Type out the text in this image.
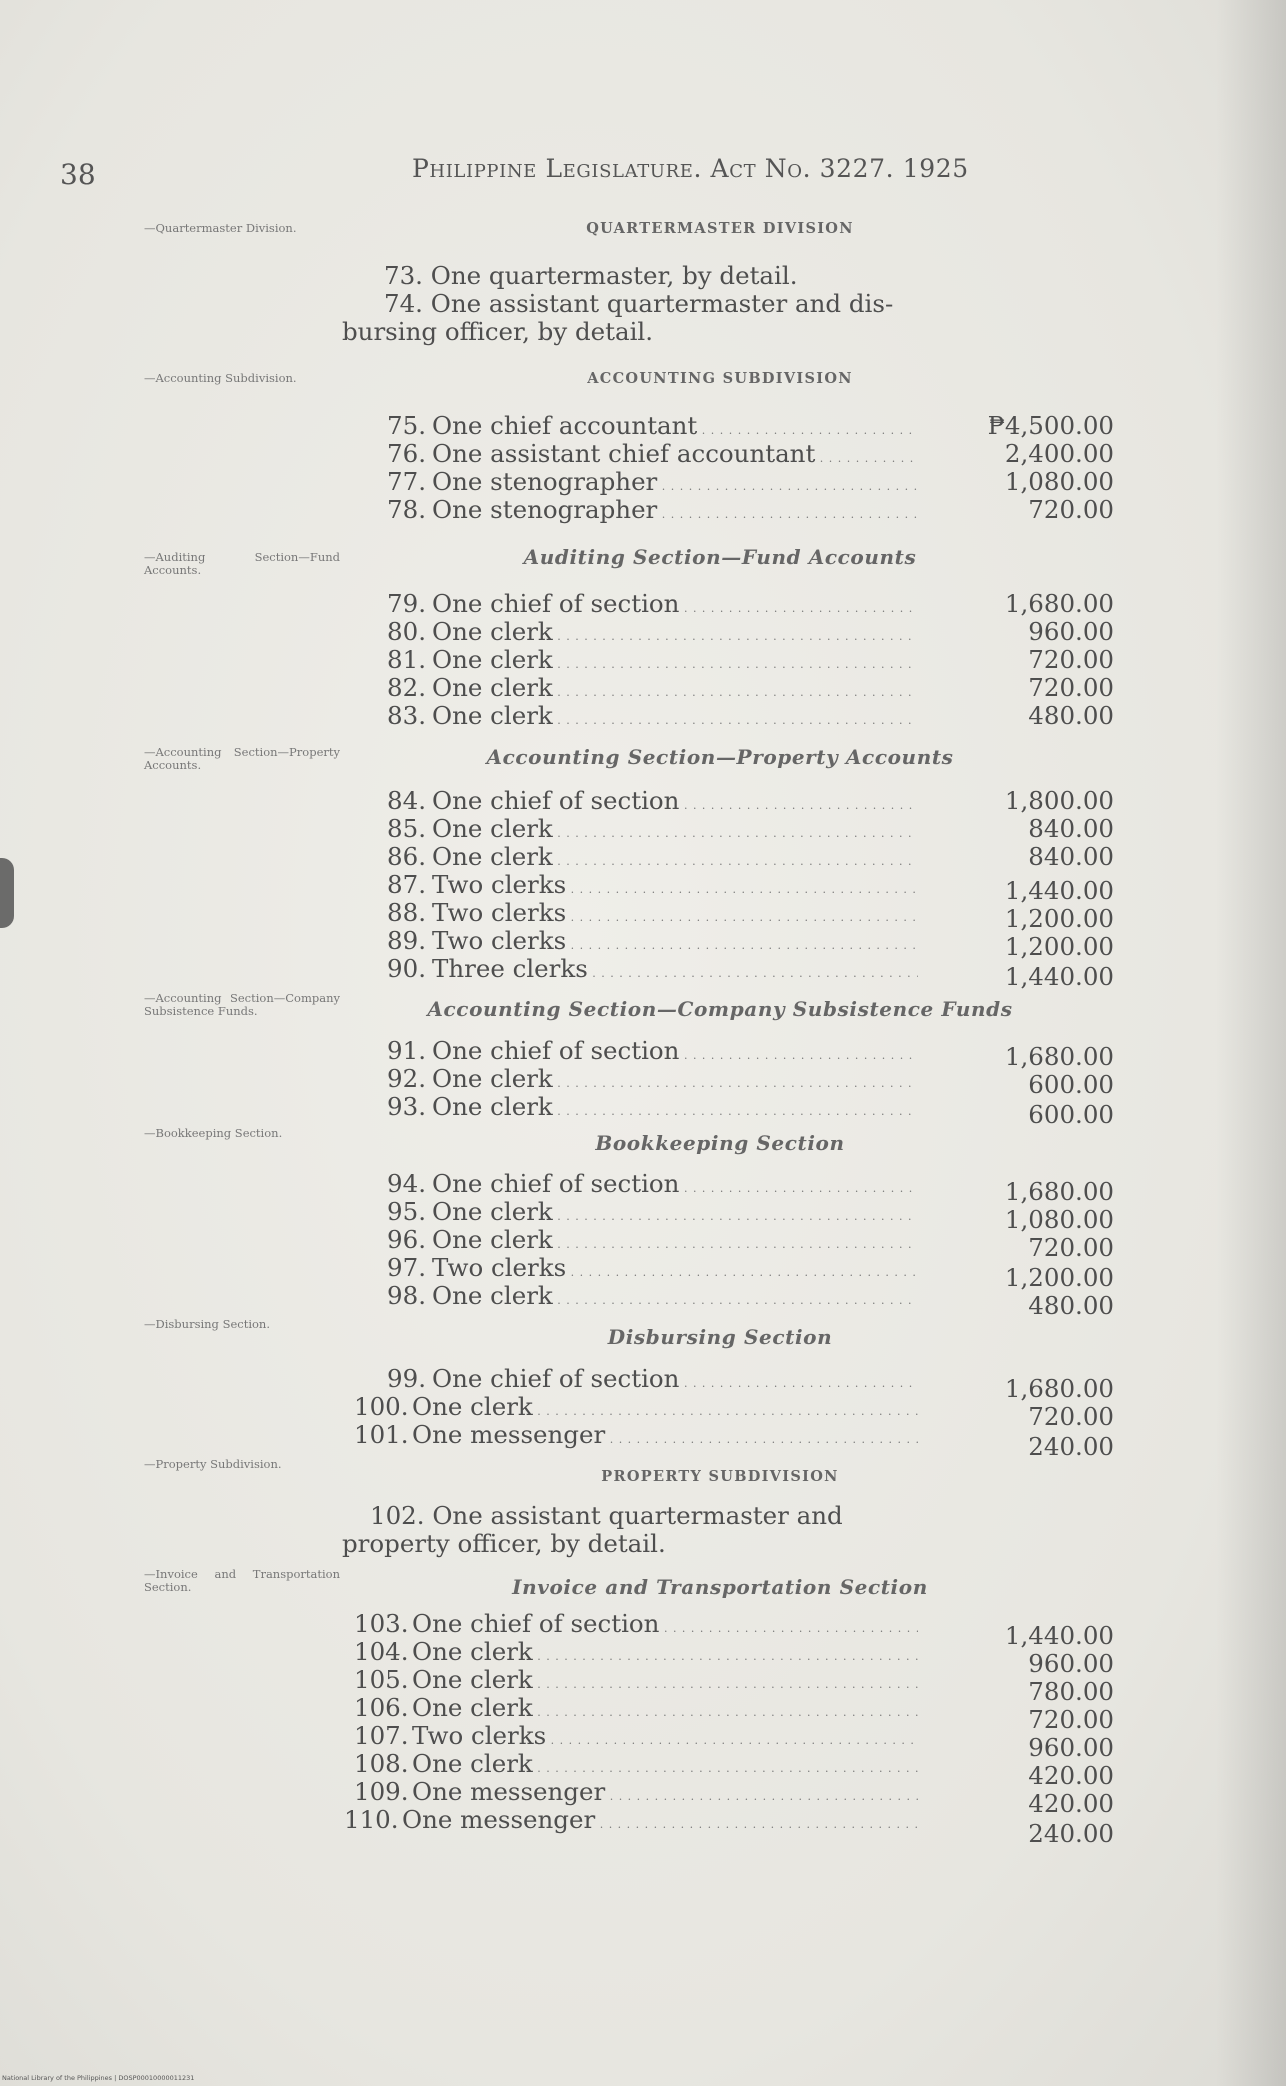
38	Philippine Legislature. Act No. 3227. 1925
—Quartermaster Division.
—Accounting Subdivision.
—Auditing Section—Fund Accounts.
—Accounting Section—Property Accounts.
—Accounting Section—Company Subsistence Funds.
—Bookkeeping Section.
—Disbursing Section.
—Property Subdivision.
—Invoice and Transportation Section.
QUARTERMASTER DIVISION
ACCOUNTING SUBDIVISION
Auditing Section—Fund Accounts
Accounting Section—Property Accounts
Accounting Section—Company Subsistence Funds
Bookkeeping Section
Disbursing Section
PROPERTY SUBDIVISION
Invoice and Transportation Section
73. One quartermaster, by detail.
74. One assistant quartermaster and dis-
bursing officer, by detail.
102. One assistant quartermaster and
property officer, by detail.
75. One chief accountant . . .	₱4,500.00
76. One assistant chief accountant . . .	2,400.00
77. One stenographer . . .	1,080.00
78. One stenographer . . .	720.00
79. One chief of section . . .	1,680.00
80. One clerk . . .	960.00
81. One clerk . . .	720.00
82. One clerk . . .	720.00
83. One clerk . . .	480.00
84. One chief of section . . .	1,800.00
85. One clerk . . .	840.00
86. One clerk . . .	840.00
87. Two clerks . . .	1,440.00
88. Two clerks . . .	1,200.00
89. Two clerks . . .	1,200.00
90. Three clerks . . .	1,440.00
91. One chief of section . . .	1,680.00
92. One clerk . . .	600.00
93. One clerk . . .	600.00
94. One chief of section . . .	1,680.00
95. One clerk . . .	1,080.00
96. One clerk . . .	720.00
97. Two clerks . . .	1,200.00
98. One clerk . . .	480.00
99. One chief of section . . .	1,680.00
100. One clerk . . .	720.00
101. One messenger . . .	240.00
103. One chief of section . . .	1,440.00
104. One clerk . . .	960.00
105. One clerk . . .	780.00
106. One clerk . . .	720.00
107. Two clerks . . .	960.00
108. One clerk . . .	420.00
109. One messenger . . .	420.00
110. One messenger . . .	240.00
National Library of the Philippines | DOSP00010000011231
